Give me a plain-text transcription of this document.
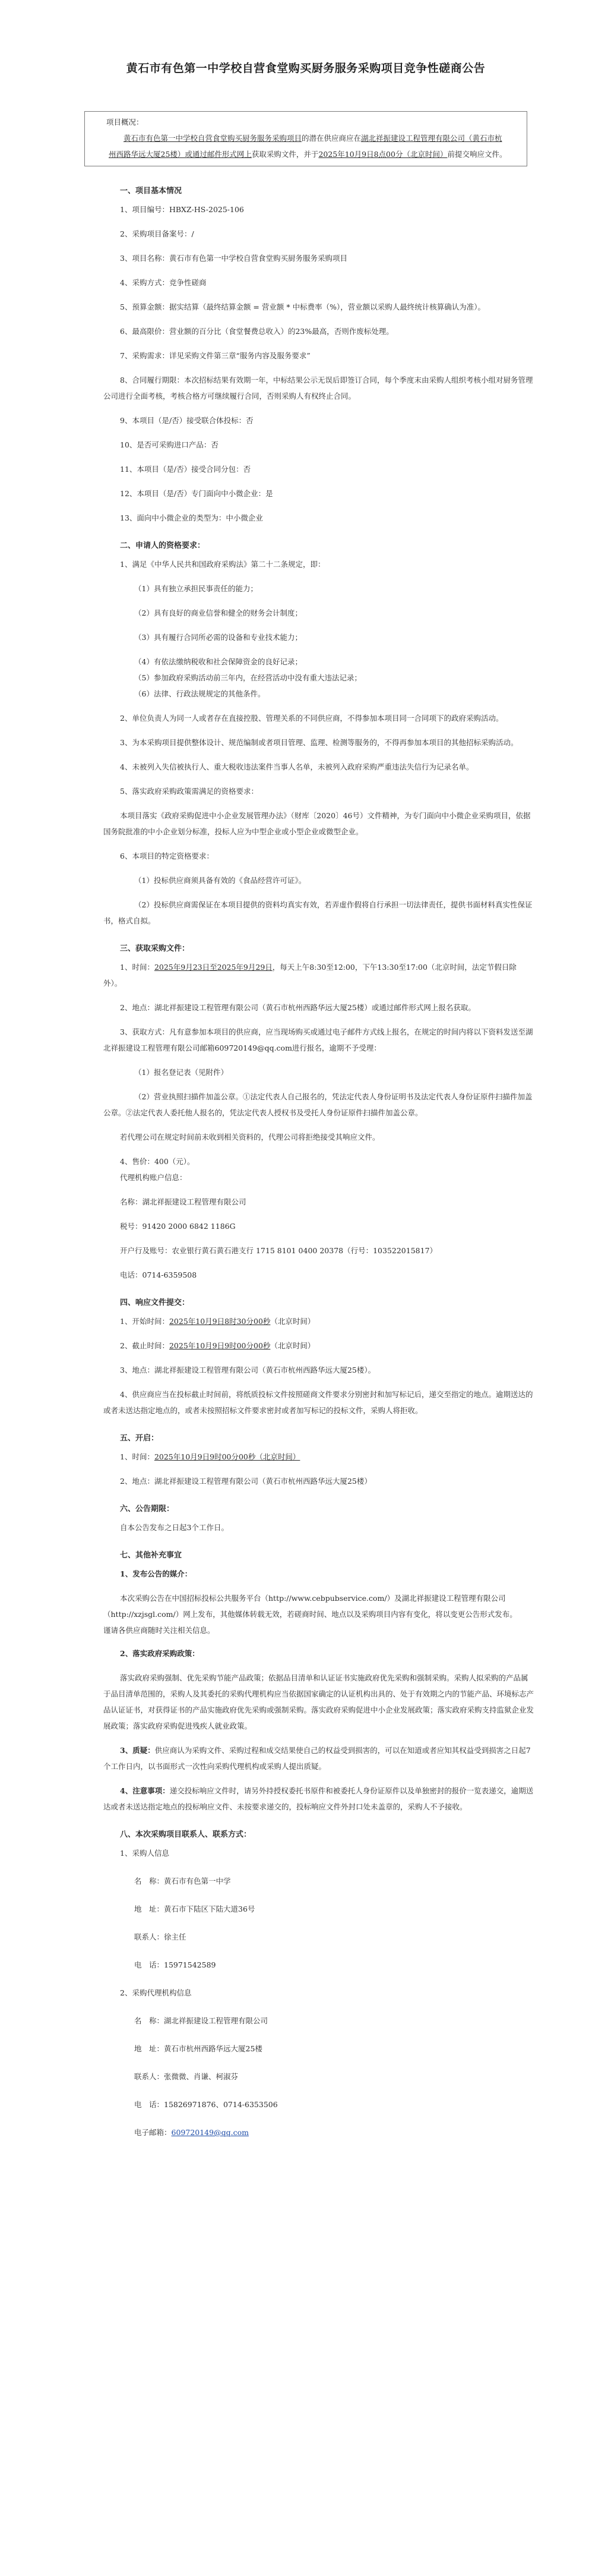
黄石市有色第一中学校自营食堂购买厨务服务采购项目竞争性磋商公告
项目概况：

黄石市有色第一中学校自营食堂购买厨务服务采购项目的潜在供应商应在湖北祥振建设工程管理有限公司（黄石市杭州西路华远大厦25楼）或通过邮件形式网上获取采购文件，并于2025年10月9日8点00分（北京时间）前提交响应文件。

一、项目基本情况
1、项目编号：HBXZ-HS-2025-106
2、采购项目备案号：/
3、项目名称：黄石市有色第一中学校自营食堂购买厨务服务采购项目
4、采购方式：竞争性磋商
5、预算金额：据实结算（最终结算金额 = 营业额 * 中标费率（%），营业额以采购人最终统计核算确认为准）。
6、最高限价：营业额的百分比（食堂餐费总收入）的23%最高，否则作废标处理。
7、采购需求：详见采购文件第三章“服务内容及服务要求”
8、合同履行期限：本次招标结果有效期一年，中标结果公示无误后即签订合同，每个季度末由采购人组织考核小组对厨务管理公司进行全面考核，考核合格方可继续履行合同，否则采购人有权终止合同。
9、本项目（是/否）接受联合体投标：否
10、是否可采购进口产品：否
11、本项目（是/否）接受合同分包：否
12、本项目（是/否）专门面向中小微企业：是
13、面向中小微企业的类型为：中小微企业
二、申请人的资格要求：
1、满足《中华人民共和国政府采购法》第二十二条规定，即：
（1）具有独立承担民事责任的能力；
（2）具有良好的商业信誉和健全的财务会计制度；
（3）具有履行合同所必需的设备和专业技术能力；
（4）有依法缴纳税收和社会保障资金的良好记录；
（5）参加政府采购活动前三年内，在经营活动中没有重大违法记录；
（6）法律、行政法规规定的其他条件。
2、单位负责人为同一人或者存在直接控股、管理关系的不同供应商，不得参加本项目同一合同项下的政府采购活动。
3、为本采购项目提供整体设计、规范编制或者项目管理、监理、检测等服务的，不得再参加本项目的其他招标采购活动。
4、未被列入失信被执行人、重大税收违法案件当事人名单，未被列入政府采购严重违法失信行为记录名单。
5、落实政府采购政策需满足的资格要求：
本项目落实《政府采购促进中小企业发展管理办法》（财库〔2020〕46号）文件精神，为专门面向中小微企业采购项目，依据国务院批准的中小企业划分标准，投标人应为中型企业或小型企业或微型企业。
6、本项目的特定资格要求：
（1）投标供应商须具备有效的《食品经营许可证》。
（2）投标供应商需保证在本项目提供的资料均真实有效，若弄虚作假将自行承担一切法律责任，提供书面材料真实性保证书，格式自拟。
三、获取采购文件：
1、时间：2025年9月23日至2025年9月29日，每天上午8:30至12:00，下午13:30至17:00（北京时间，法定节假日除外）。
2、地点：湖北祥振建设工程管理有限公司（黄石市杭州西路华远大厦25楼）或通过邮件形式网上报名获取。
3、获取方式：凡有意参加本项目的供应商，应当现场购买或通过电子邮件方式线上报名，在规定的时间内将以下资料发送至湖北祥振建设工程管理有限公司邮箱609720149@qq.com进行报名，逾期不予受理：
（1）报名登记表（见附件）
（2）营业执照扫描件加盖公章。①法定代表人自己报名的，凭法定代表人身份证明书及法定代表人身份证原件扫描件加盖公章。②法定代表人委托他人报名的，凭法定代表人授权书及受托人身份证原件扫描件加盖公章。
若代理公司在规定时间前未收到相关资料的，代理公司将拒绝接受其响应文件。
4、售价：400（元）。
代理机构账户信息：
名称：湖北祥振建设工程管理有限公司
税号：91420 2000 6842 1186G
开户行及账号：农业银行黄石黄石港支行 1715 8101 0400 20378（行号：103522015817）
电话：0714-6359508
四、响应文件提交：
1、开始时间：2025年10月9日8时30分00秒（北京时间）
2、截止时间：2025年10月9日9时00分00秒（北京时间）
3、地点：湖北祥振建设工程管理有限公司（黄石市杭州西路华远大厦25楼）。
4、供应商应当在投标截止时间前，将纸质投标文件按照磋商文件要求分别密封和加写标记后，递交至指定的地点。逾期送达的或者未送达指定地点的，或者未按照招标文件要求密封或者加写标记的投标文件，采购人将拒收。
五、开启：
1、时间：2025年10月9日9时00分00秒（北京时间）
2、地点：湖北祥振建设工程管理有限公司（黄石市杭州西路华远大厦25楼）
六、公告期限：
自本公告发布之日起3个工作日。
七、其他补充事宜
1、发布公告的媒介：
本次采购公告在中国招标投标公共服务平台（http://www.cebpubservice.com/）及湖北祥振建设工程管理有限公司（http://xzjsgl.com/）网上发布，其他媒体转载无效，若磋商时间、地点以及采购项目内容有变化，将以变更公告形式发布。
谨请各供应商随时关注相关信息。
2、落实政府采购政策：
落实政府采购强制、优先采购节能产品政策；依据品目清单和认证证书实施政府优先采购和强制采购。采购人拟采购的产品属于品目清单范围的，采购人及其委托的采购代理机构应当依据国家确定的认证机构出具的、处于有效期之内的节能产品、环境标志产品认证证书，对获得证书的产品实施政府优先采购或强制采购。落实政府采购促进中小企业发展政策；落实政府采购支持监狱企业发展政策；落实政府采购促进残疾人就业政策。
3、质疑：供应商认为采购文件、采购过程和成交结果使自己的权益受到损害的，可以在知道或者应知其权益受到损害之日起7个工作日内，以书面形式一次性向采购代理机构或采购人提出质疑。
4、注意事项：递交投标响应文件时，请另外持授权委托书原件和被委托人身份证原件以及单独密封的报价一览表递交，逾期送达或者未送达指定地点的投标响应文件、未按要求递交的，投标响应文件外封口处未盖章的，采购人不予接收。
八、本次采购项目联系人、联系方式：
1、采购人信息
名　称：黄石市有色第一中学
地　址：黄石市下陆区下陆大道36号
联系人：徐主任
电　话：15971542589
2、采购代理机构信息
名　称：湖北祥振建设工程管理有限公司
地　址：黄石市杭州西路华远大厦25楼
联系人：张微微、肖谦、柯淑芬
电　话：15826971876、0714-6353506
电子邮箱：609720149@qq.com
